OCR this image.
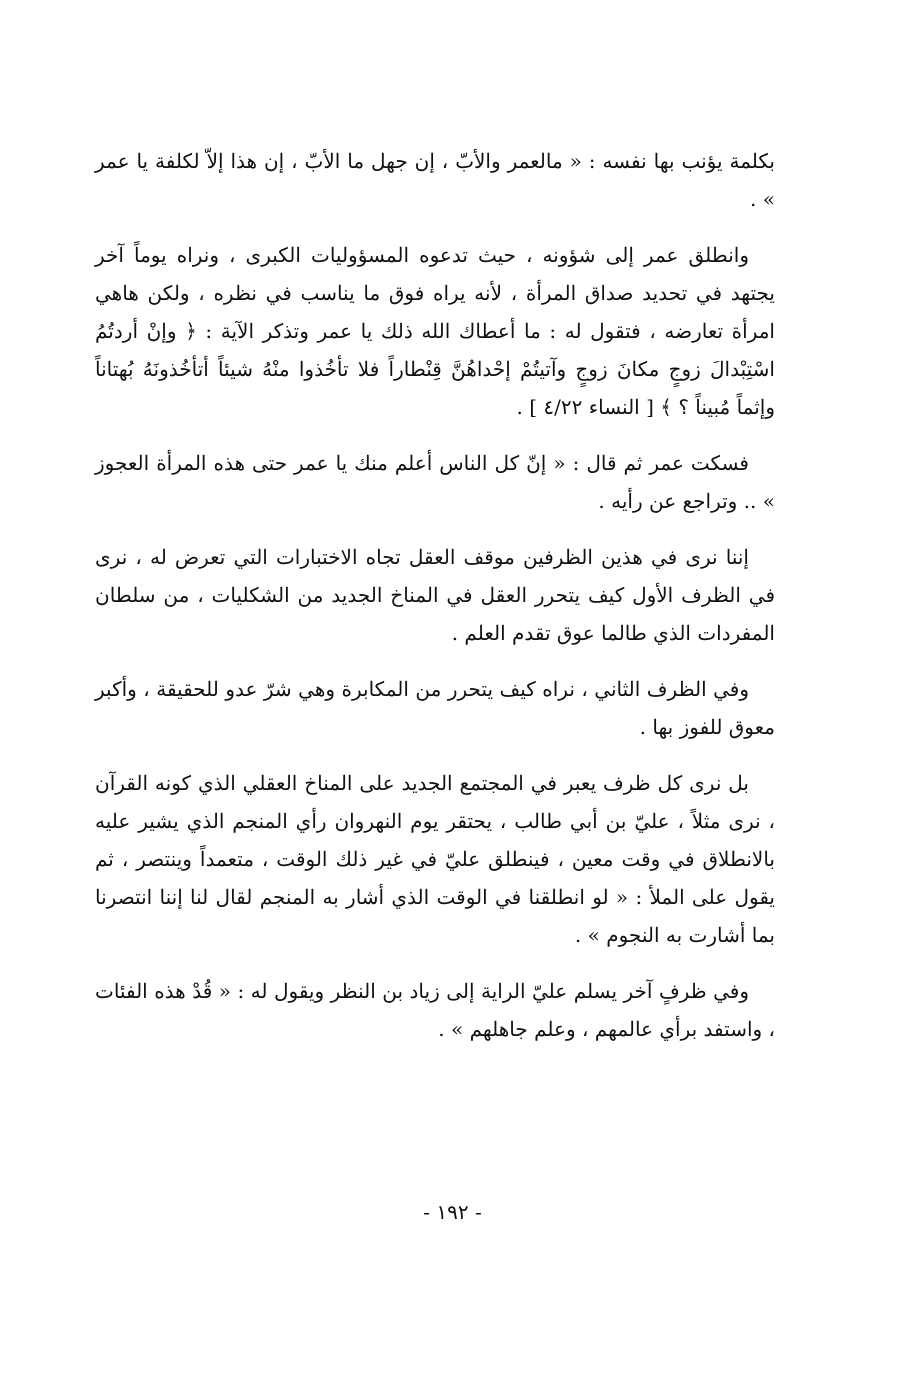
بكلمة يؤنب بها نفسه : « مالعمر والأبّ ، إن جهل ما الأبّ ، إن هذا إلاّ لكلفة يا عمر » .

وانطلق عمر إلى شؤونه ، حيث تدعوه المسؤوليات الكبرى ، ونراه يوماً آخر يجتهد في تحديد صداق المرأة ، لأنه يراه فوق ما يناسب في نظره ، ولكن هاهي امرأة تعارضه ، فتقول له : ما أعطاك الله ذلك يا عمر وتذكر الآية : ﴿ وإنْ أردتُمُ اسْتِبْدالَ زوجٍ مكانَ زوجٍ وآتيتُمْ إحْداهُنَّ قِنْطاراً فلا تأخُذوا منْهُ شيئاً أتأخُذونَهُ بُهتاناً وإثماً مُبيناً ؟ ﴾ [ النساء ٤/٢٢ ] .

فسكت عمر ثم قال : « إنّ كل الناس أعلم منك يا عمر حتى هذه المرأة العجوز » .. وتراجع عن رأيه .

إننا نرى في هذين الظرفين موقف العقل تجاه الاختبارات التي تعرض له ، نرى في الظرف الأول كيف يتحرر العقل في المناخ الجديد من الشكليات ، من سلطان المفردات الذي طالما عوق تقدم العلم .

وفي الظرف الثاني ، نراه كيف يتحرر من المكابرة وهي شرّ عدو للحقيقة ، وأكبر معوق للفوز بها .

بل نرى كل ظرف يعبر في المجتمع الجديد على المناخ العقلي الذي كونه القرآن ، نرى مثلاً ، عليّ بن أبي طالب ، يحتقر يوم النهروان رأي المنجم الذي يشير عليه بالانطلاق في وقت معين ، فينطلق عليّ في غير ذلك الوقت ، متعمداً وينتصر ، ثم يقول على الملأ : « لو انطلقنا في الوقت الذي أشار به المنجم لقال لنا إننا انتصرنا بما أشارت به النجوم » .

وفي ظرفٍ آخر يسلم عليّ الراية إلى زياد بن النظر ويقول له : « قُدْ هذه الفئات ، واستفد برأي عالمهم ، وعلم جاهلهم » .

- ١٩٢ -
